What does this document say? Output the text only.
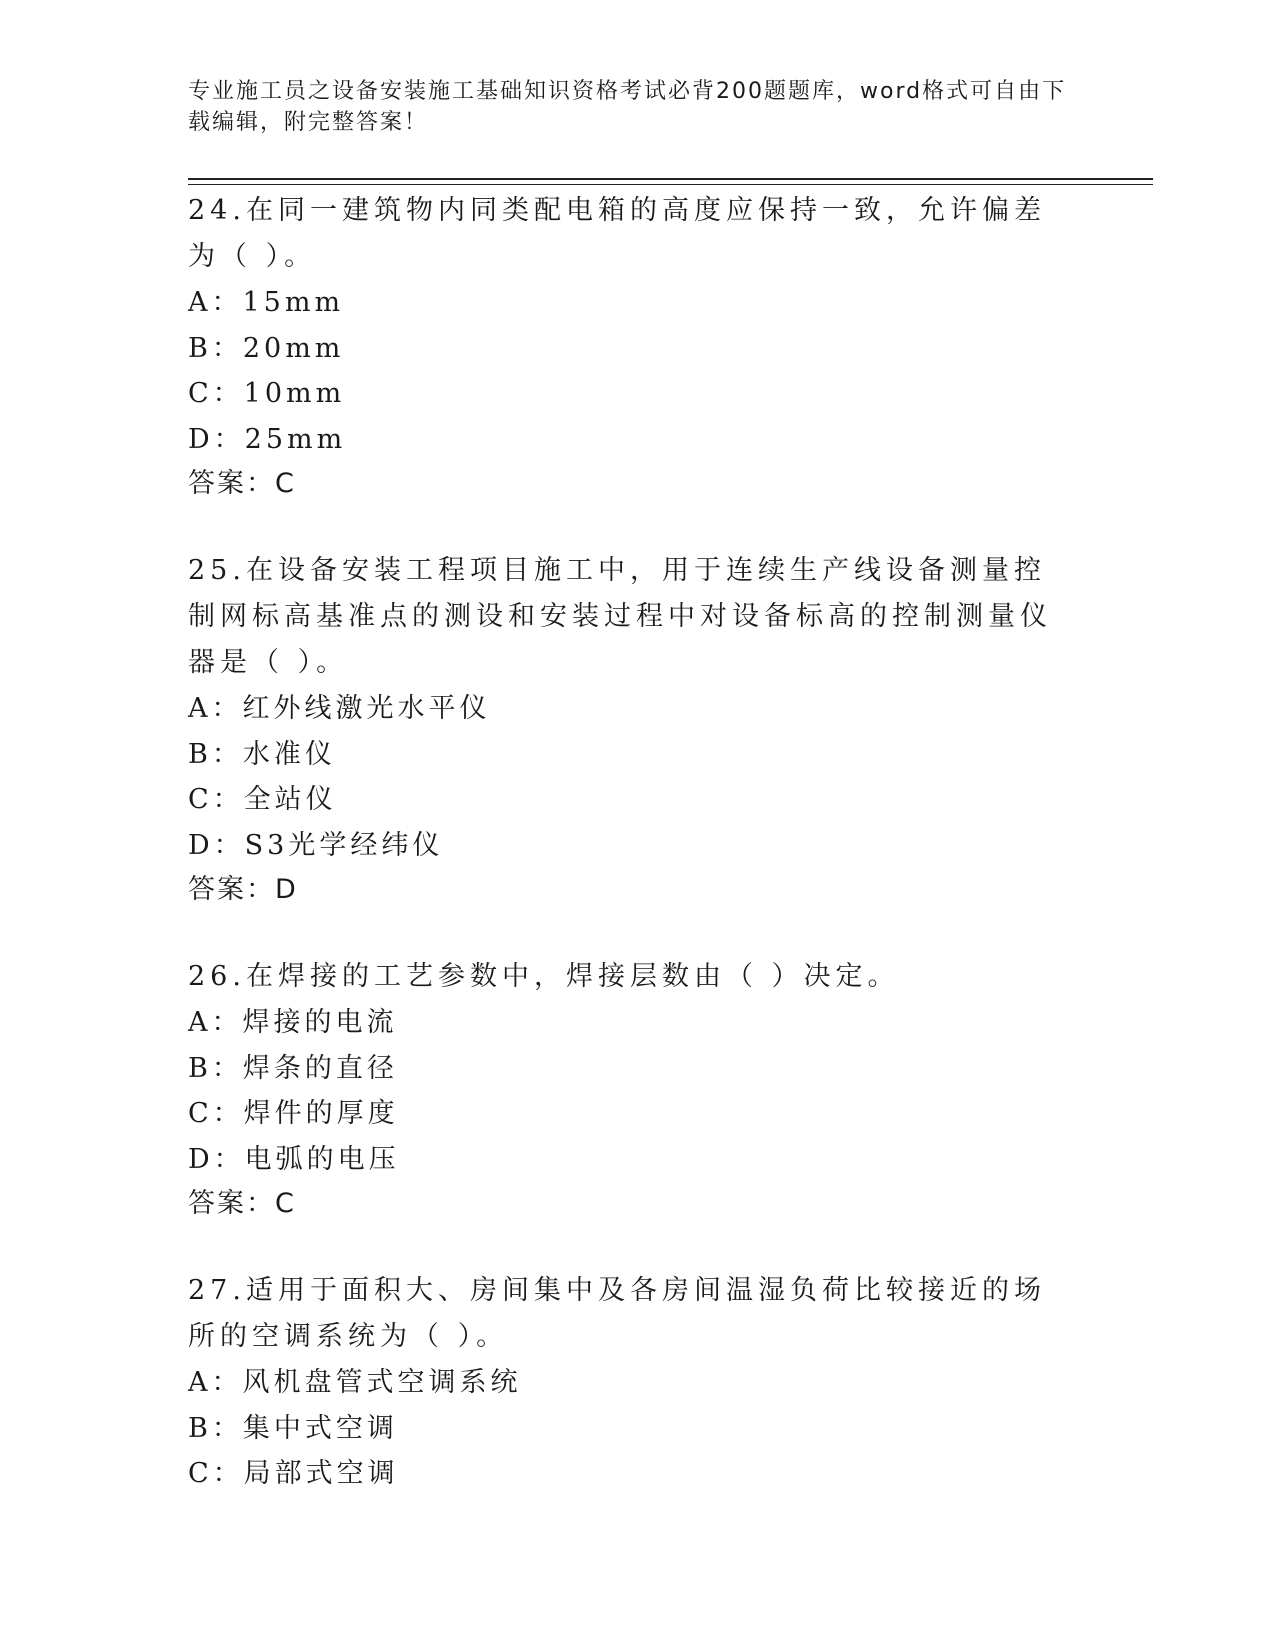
专业施工员之设备安装施工基础知识资格考试必背200题题库，word格式可自由下载编辑，附完整答案！

24.在同一建筑物内同类配电箱的高度应保持一致，允许偏差为（ ）。

A：15mm

B：20mm

C：10mm

D：25mm

答案：C

25.在设备安装工程项目施工中，用于连续生产线设备测量控制网标高基准点的测设和安装过程中对设备标高的控制测量仪器是（ ）。

A：红外线激光水平仪

B：水准仪

C：全站仪

D：S3光学经纬仪

答案：D

26.在焊接的工艺参数中，焊接层数由（ ）决定。

A：焊接的电流

B：焊条的直径

C：焊件的厚度

D：电弧的电压

答案：C

27.适用于面积大、房间集中及各房间温湿负荷比较接近的场所的空调系统为（ ）。

A：风机盘管式空调系统

B：集中式空调

C：局部式空调
